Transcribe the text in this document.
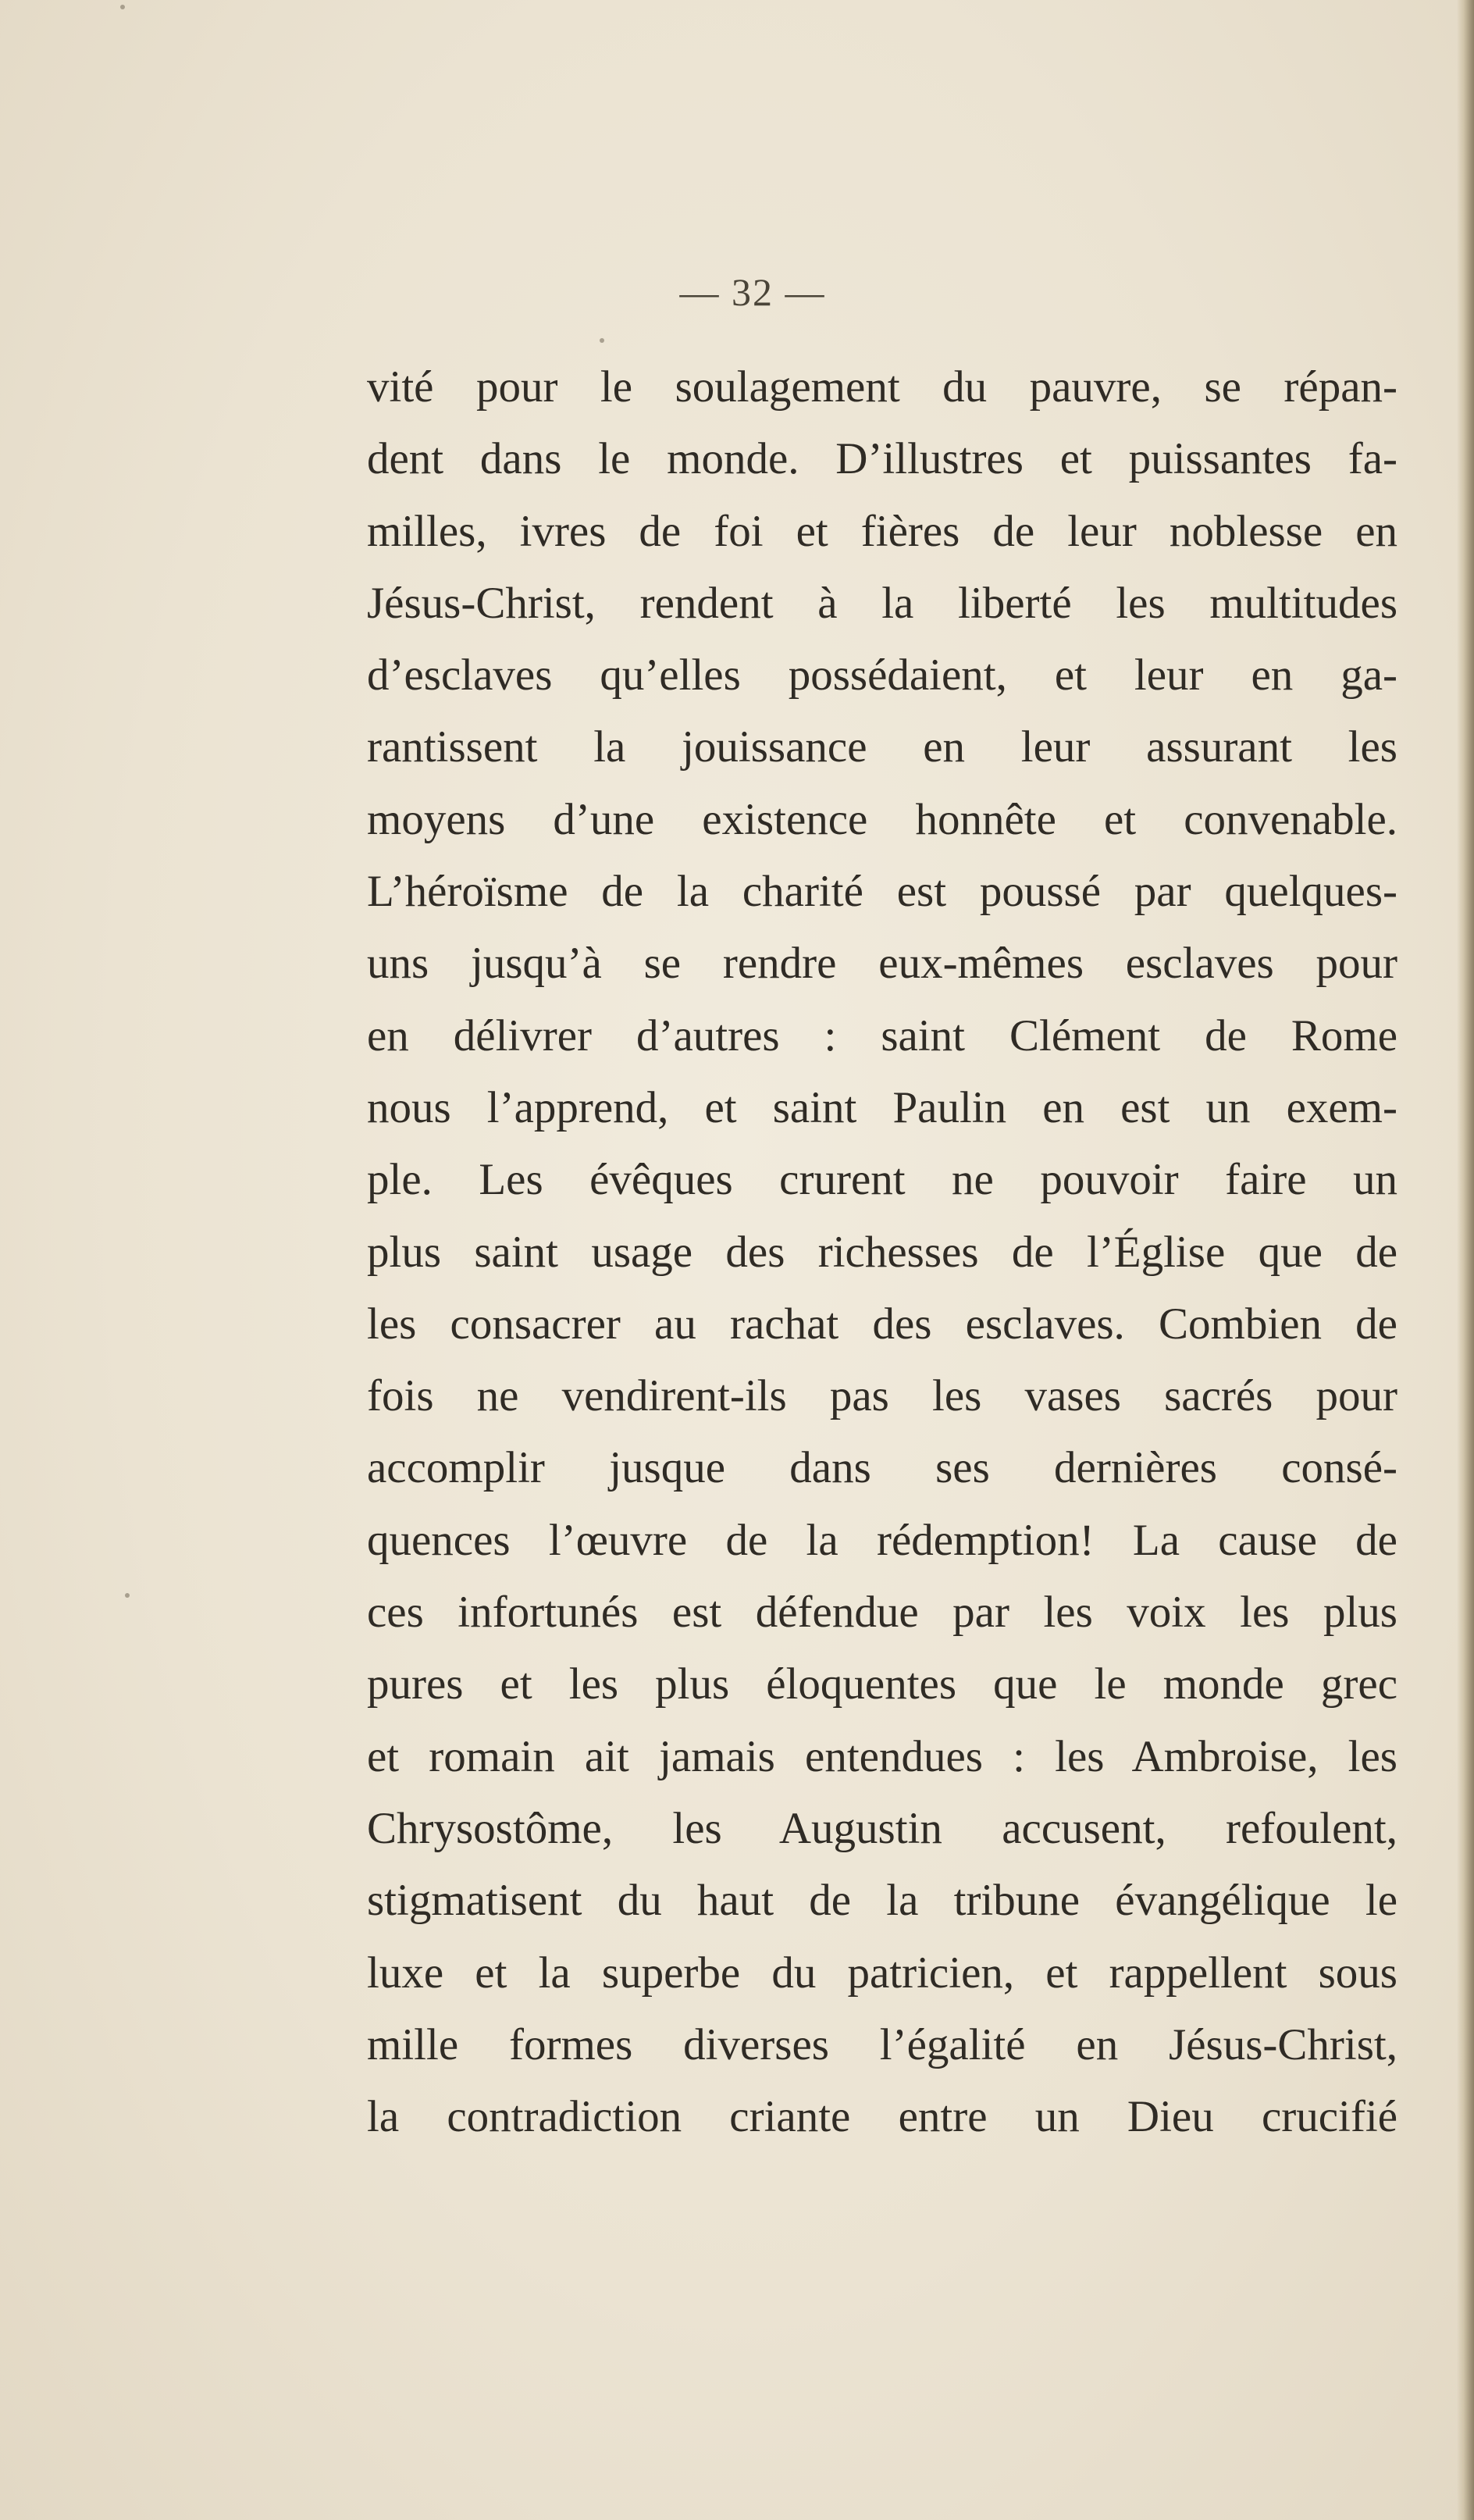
— 32 —
vité pour le soulagement du pauvre, se répan-
dent dans le monde. D’illustres et puissantes fa-
milles, ivres de foi et fières de leur noblesse en
Jésus-Christ, rendent à la liberté les multitudes
d’esclaves qu’elles possédaient, et leur en ga-
rantissent la jouissance en leur assurant les
moyens d’une existence honnête et convenable.
L’héroïsme de la charité est poussé par quelques-
uns jusqu’à se rendre eux-mêmes esclaves pour
en délivrer d’autres : saint Clément de Rome
nous l’apprend, et saint Paulin en est un exem-
ple. Les évêques crurent ne pouvoir faire un
plus saint usage des richesses de l’Église que de
les consacrer au rachat des esclaves. Combien de
fois ne vendirent-ils pas les vases sacrés pour
accomplir jusque dans ses dernières consé-
quences l’œuvre de la rédemption! La cause de
ces infortunés est défendue par les voix les plus
pures et les plus éloquentes que le monde grec
et romain ait jamais entendues : les Ambroise, les
Chrysostôme, les Augustin accusent, refoulent,
stigmatisent du haut de la tribune évangélique le
luxe et la superbe du patricien, et rappellent sous
mille formes diverses l’égalité en Jésus-Christ,
la contradiction criante entre un Dieu crucifié
